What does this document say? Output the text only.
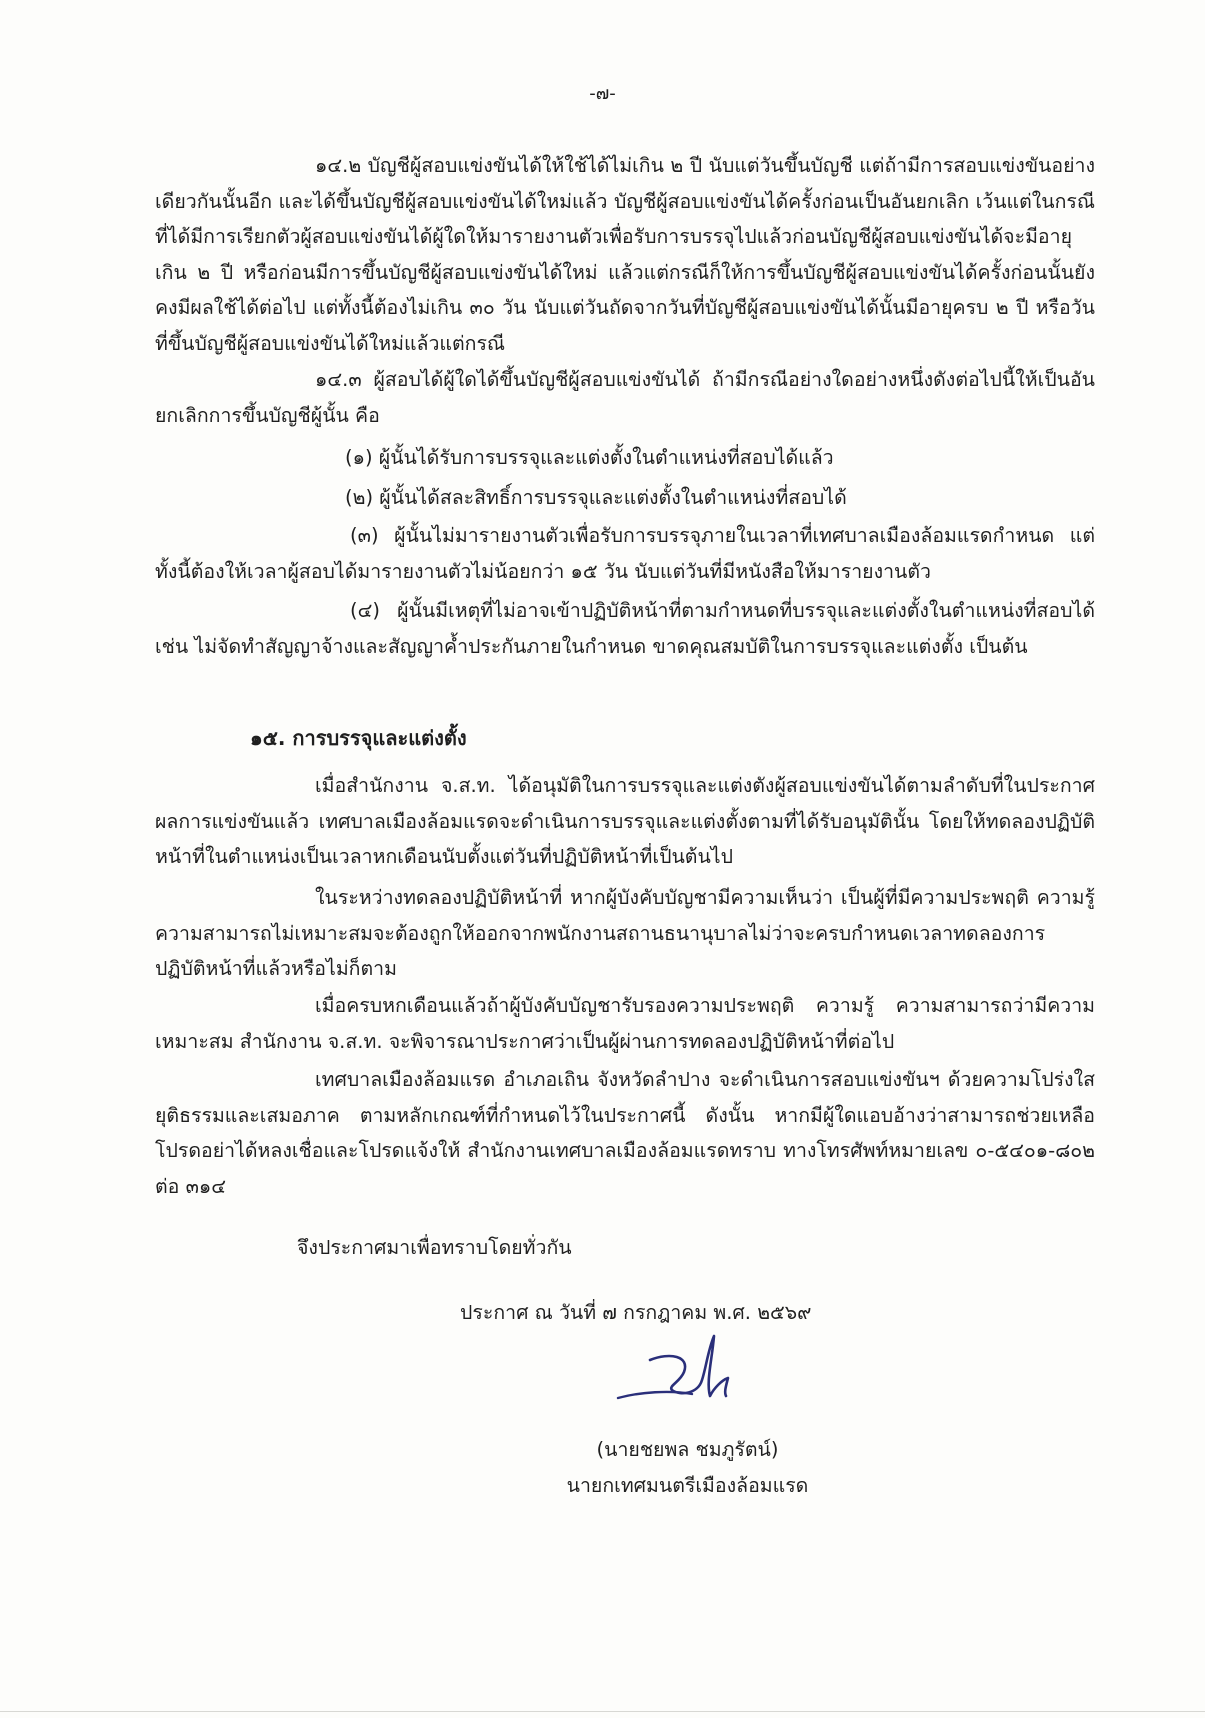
-๗-

๑๔.๒ บัญชีผู้สอบแข่งขันได้ให้ใช้ได้ไม่เกิน ๒ ปี นับแต่วันขึ้นบัญชี แต่ถ้ามีการสอบแข่งขันอย่างเดียวกันนั้นอีก และได้ขึ้นบัญชีผู้สอบแข่งขันได้ใหม่แล้ว บัญชีผู้สอบแข่งขันได้ครั้งก่อนเป็นอันยกเลิก เว้นแต่ในกรณีที่ได้มีการเรียกตัวผู้สอบแข่งขันได้ผู้ใดให้มารายงานตัวเพื่อรับการบรรจุไปแล้วก่อนบัญชีผู้สอบแข่งขันได้จะมีอายุเกิน ๒ ปี หรือก่อนมีการขึ้นบัญชีผู้สอบแข่งขันได้ใหม่ แล้วแต่กรณีก็ให้การขึ้นบัญชีผู้สอบแข่งขันได้ครั้งก่อนนั้นยังคงมีผลใช้ได้ต่อไป แต่ทั้งนี้ต้องไม่เกิน ๓๐ วัน นับแต่วันถัดจากวันที่บัญชีผู้สอบแข่งขันได้นั้นมีอายุครบ ๒ ปี หรือวันที่ขึ้นบัญชีผู้สอบแข่งขันได้ใหม่แล้วแต่กรณี

๑๔.๓ ผู้สอบได้ผู้ใดได้ขึ้นบัญชีผู้สอบแข่งขันได้ ถ้ามีกรณีอย่างใดอย่างหนึ่งดังต่อไปนี้ให้เป็นอันยกเลิกการขึ้นบัญชีผู้นั้น คือ

(๑) ผู้นั้นได้รับการบรรจุและแต่งตั้งในตำแหน่งที่สอบได้แล้ว

(๒) ผู้นั้นได้สละสิทธิ์การบรรจุและแต่งตั้งในตำแหน่งที่สอบได้

(๓) ผู้นั้นไม่มารายงานตัวเพื่อรับการบรรจุภายในเวลาที่เทศบาลเมืองล้อมแรดกำหนด แต่ทั้งนี้ต้องให้เวลาผู้สอบได้มารายงานตัวไม่น้อยกว่า ๑๕ วัน นับแต่วันที่มีหนังสือให้มารายงานตัว

(๔) ผู้นั้นมีเหตุที่ไม่อาจเข้าปฏิบัติหน้าที่ตามกำหนดที่บรรจุและแต่งตั้งในตำแหน่งที่สอบได้ เช่น ไม่จัดทำสัญญาจ้างและสัญญาค้ำประกันภายในกำหนด ขาดคุณสมบัติในการบรรจุและแต่งตั้ง เป็นต้น

๑๕. การบรรจุและแต่งตั้ง

เมื่อสำนักงาน จ.ส.ท. ได้อนุมัติในการบรรจุและแต่งตังผู้สอบแข่งขันได้ตามลำดับที่ในประกาศผลการแข่งขันแล้ว เทศบาลเมืองล้อมแรดจะดำเนินการบรรจุและแต่งตั้งตามที่ได้รับอนุมัตินั้น โดยให้ทดลองปฏิบัติหน้าที่ในตำแหน่งเป็นเวลาหกเดือนนับตั้งแต่วันที่ปฏิบัติหน้าที่เป็นต้นไป

ในระหว่างทดลองปฏิบัติหน้าที่ หากผู้บังคับบัญชามีความเห็นว่า เป็นผู้ที่มีความประพฤติ ความรู้ความสามารถไม่เหมาะสมจะต้องถูกให้ออกจากพนักงานสถานธนานุบาลไม่ว่าจะครบกำหนดเวลาทดลองการปฏิบัติหน้าที่แล้วหรือไม่ก็ตาม

เมื่อครบหกเดือนแล้วถ้าผู้บังคับบัญชารับรองความประพฤติ ความรู้ ความสามารถว่ามีความเหมาะสม สำนักงาน จ.ส.ท. จะพิจารณาประกาศว่าเป็นผู้ผ่านการทดลองปฏิบัติหน้าที่ต่อไป

เทศบาลเมืองล้อมแรด อำเภอเถิน จังหวัดลำปาง จะดำเนินการสอบแข่งขันฯ ด้วยความโปร่งใส ยุติธรรมและเสมอภาค ตามหลักเกณฑ์ที่กำหนดไว้ในประกาศนี้ ดังนั้น หากมีผู้ใดแอบอ้างว่าสามารถช่วยเหลือ โปรดอย่าได้หลงเชื่อและโปรดแจ้งให้ สำนักงานเทศบาลเมืองล้อมแรดทราบ ทางโทรศัพท์หมายเลข ๐-๕๔๐๑-๘๐๒ ต่อ ๓๑๔

จึงประกาศมาเพื่อทราบโดยทั่วกัน
ประกาศ ณ วันที่ ๗ กรกฎาคม พ.ศ. ๒๕๖๙
(นายชยพล ชมภูรัตน์)
นายกเทศมนตรีเมืองล้อมแรด
